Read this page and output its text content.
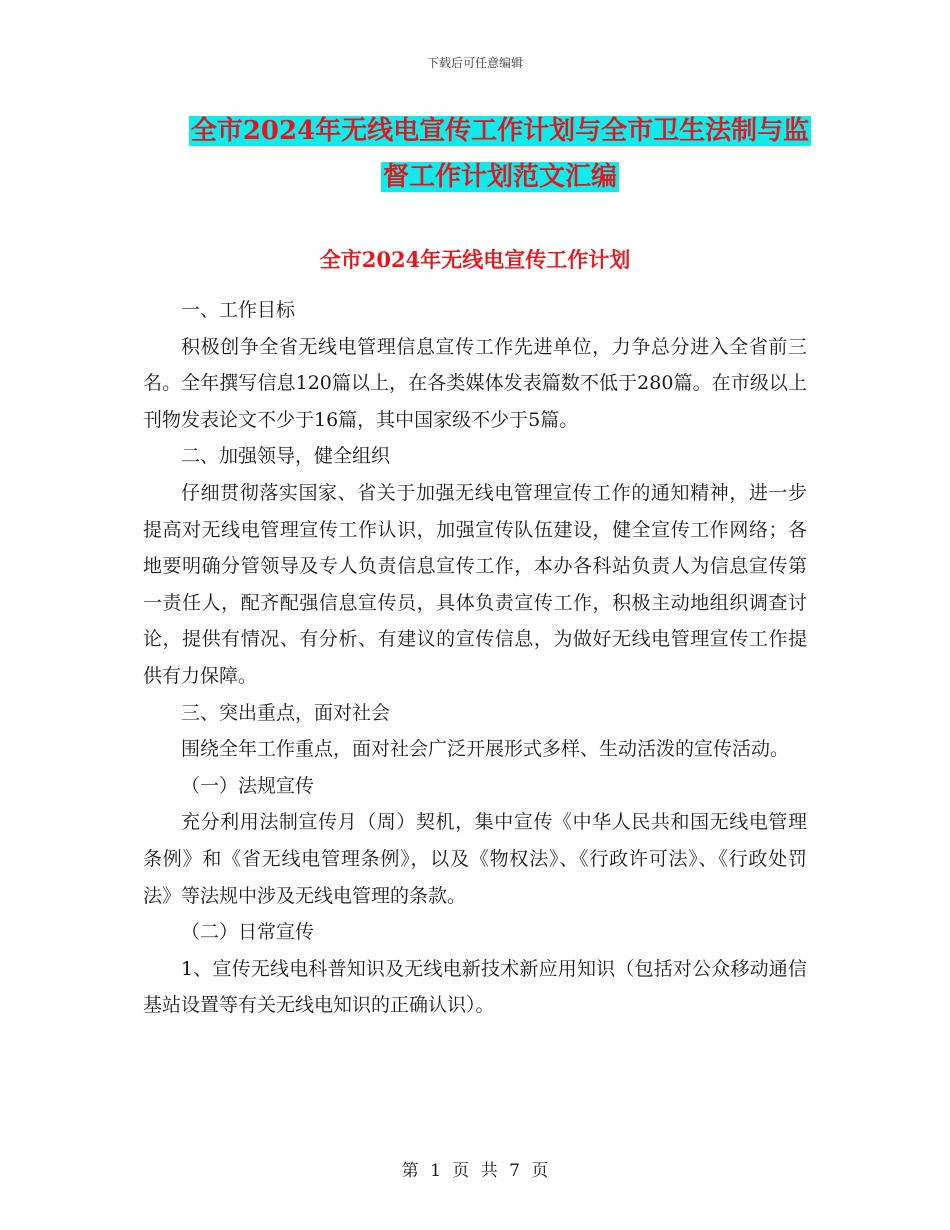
下载后可任意编辑
全市2024年无线电宣传工作计划与全市卫生法制与监
督工作计划范文汇编
全市2024年无线电宣传工作计划

一、工作目标

积极创争全省无线电管理信息宣传工作先进单位，力争总分进入全省前三名。全年撰写信息120篇以上，在各类媒体发表篇数不低于280篇。在市级以上刊物发表论文不少于16篇，其中国家级不少于5篇。

二、加强领导，健全组织

仔细贯彻落实国家、省关于加强无线电管理宣传工作的通知精神，进一步提高对无线电管理宣传工作认识，加强宣传队伍建设，健全宣传工作网络；各地要明确分管领导及专人负责信息宣传工作，本办各科站负责人为信息宣传第一责任人，配齐配强信息宣传员，具体负责宣传工作，积极主动地组织调查讨论，提供有情况、有分析、有建议的宣传信息，为做好无线电管理宣传工作提供有力保障。

三、突出重点，面对社会

围绕全年工作重点，面对社会广泛开展形式多样、生动活泼的宣传活动。

（一）法规宣传

充分利用法制宣传月（周）契机，集中宣传《中华人民共和国无线电管理条例》和《省无线电管理条例》，以及《物权法》、《行政许可法》、《行政处罚法》等法规中涉及无线电管理的条款。

（二）日常宣传

1、宣传无线电科普知识及无线电新技术新应用知识（包括对公众移动通信基站设置等有关无线电知识的正确认识）。

第 1 页 共 7 页
